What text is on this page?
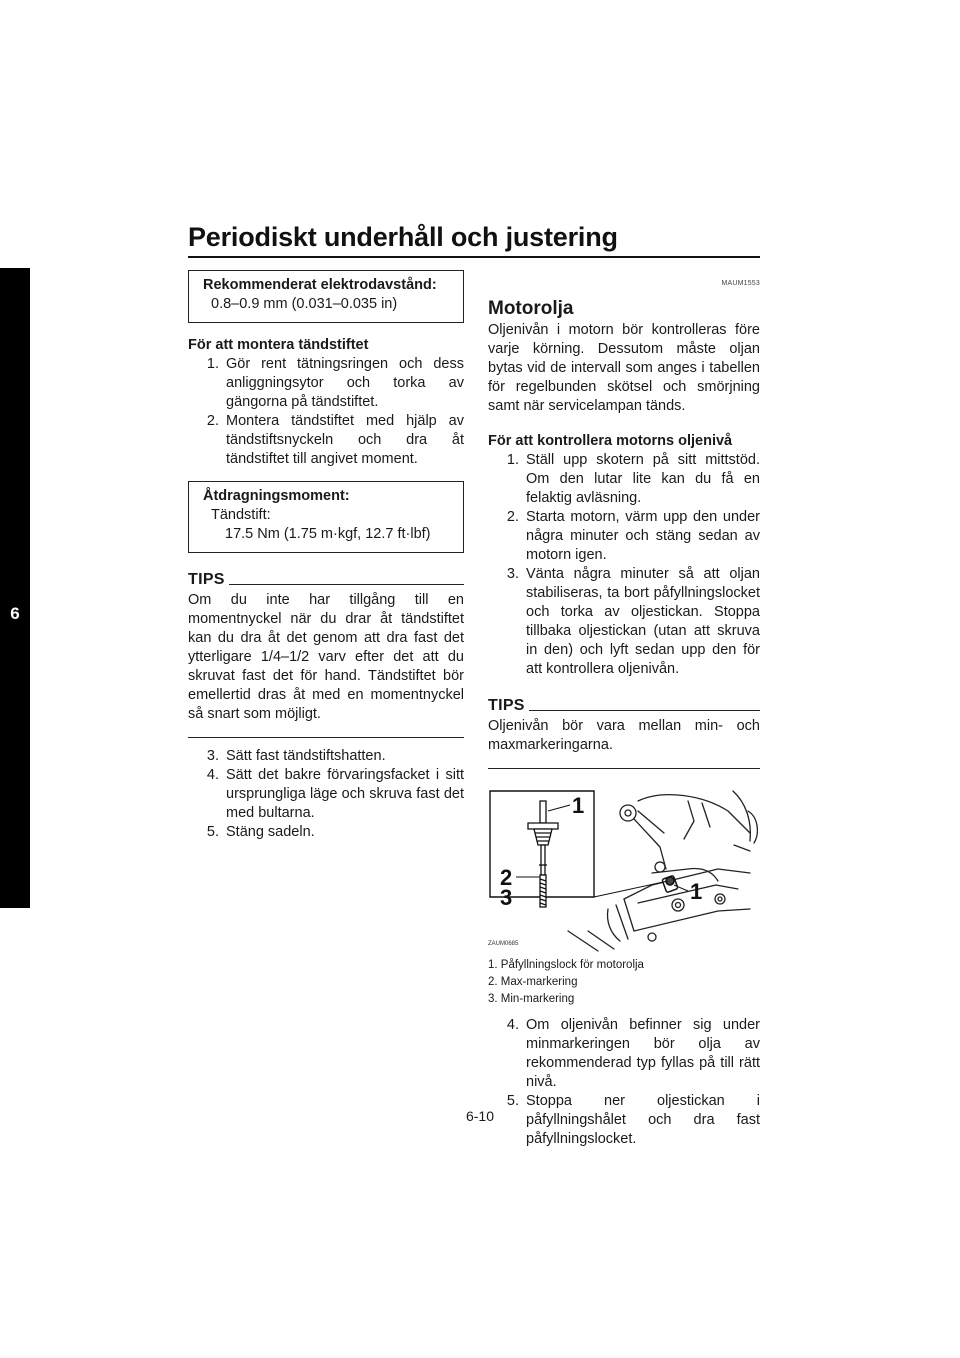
Periodiskt underhåll och justering
6
Rekommenderat elektrodavstånd:
0.8–0.9 mm (0.031–0.035 in)
För att montera tändstiftet
1. Gör rent tätningsringen och dess anliggningsytor och torka av gängorna på tändstiftet.
2. Montera tändstiftet med hjälp av tändstiftsnyckeln och dra åt tändstiftet till angivet moment.
Åtdragningsmoment:
Tändstift:
17.5 Nm (1.75 m·kgf, 12.7 ft·lbf)
TIPS

Om du inte har tillgång till en momentnyckel när du drar åt tändstiftet kan du dra åt det genom att dra fast det ytterligare 1/4–1/2 varv efter det att du skruvat fast det för hand. Tändstiftet bör emellertid dras åt med en momentnyckel så snart som möjligt.

3. Sätt fast tändstiftshatten.
4. Sätt det bakre förvaringsfacket i sitt ursprungliga läge och skruva fast det med bultarna.
5. Stäng sadeln.
MAUM1553
Motorolja

Oljenivån i motorn bör kontrolleras före varje körning. Dessutom måste oljan bytas vid de intervall som anges i tabellen för regelbunden skötsel och smörjning samt när servicelampan tänds.

För att kontrollera motorns oljenivå
1. Ställ upp skotern på sitt mittstöd. Om den lutar lite kan du få en felaktig avläsning.
2. Starta motorn, värm upp den under några minuter och stäng sedan av motorn igen.
3. Vänta några minuter så att oljan stabiliseras, ta bort påfyllningslocket och torka av oljestickan. Stoppa tillbaka oljestickan (utan att skruva in den) och lyft sedan upp den för att kontrollera oljenivån.
TIPS

Oljenivån bör vara mellan min- och maxmarkeringarna.

1
2
3	1
ZAUM0685
1. Påfyllningslock för motorolja
2. Max-markering
3. Min-markering
4. Om oljenivån befinner sig under minmarkeringen bör olja av rekommenderad typ fyllas på till rätt nivå.
5. Stoppa ner oljestickan i påfyllningshålet och dra fast påfyllningslocket.
6-10
